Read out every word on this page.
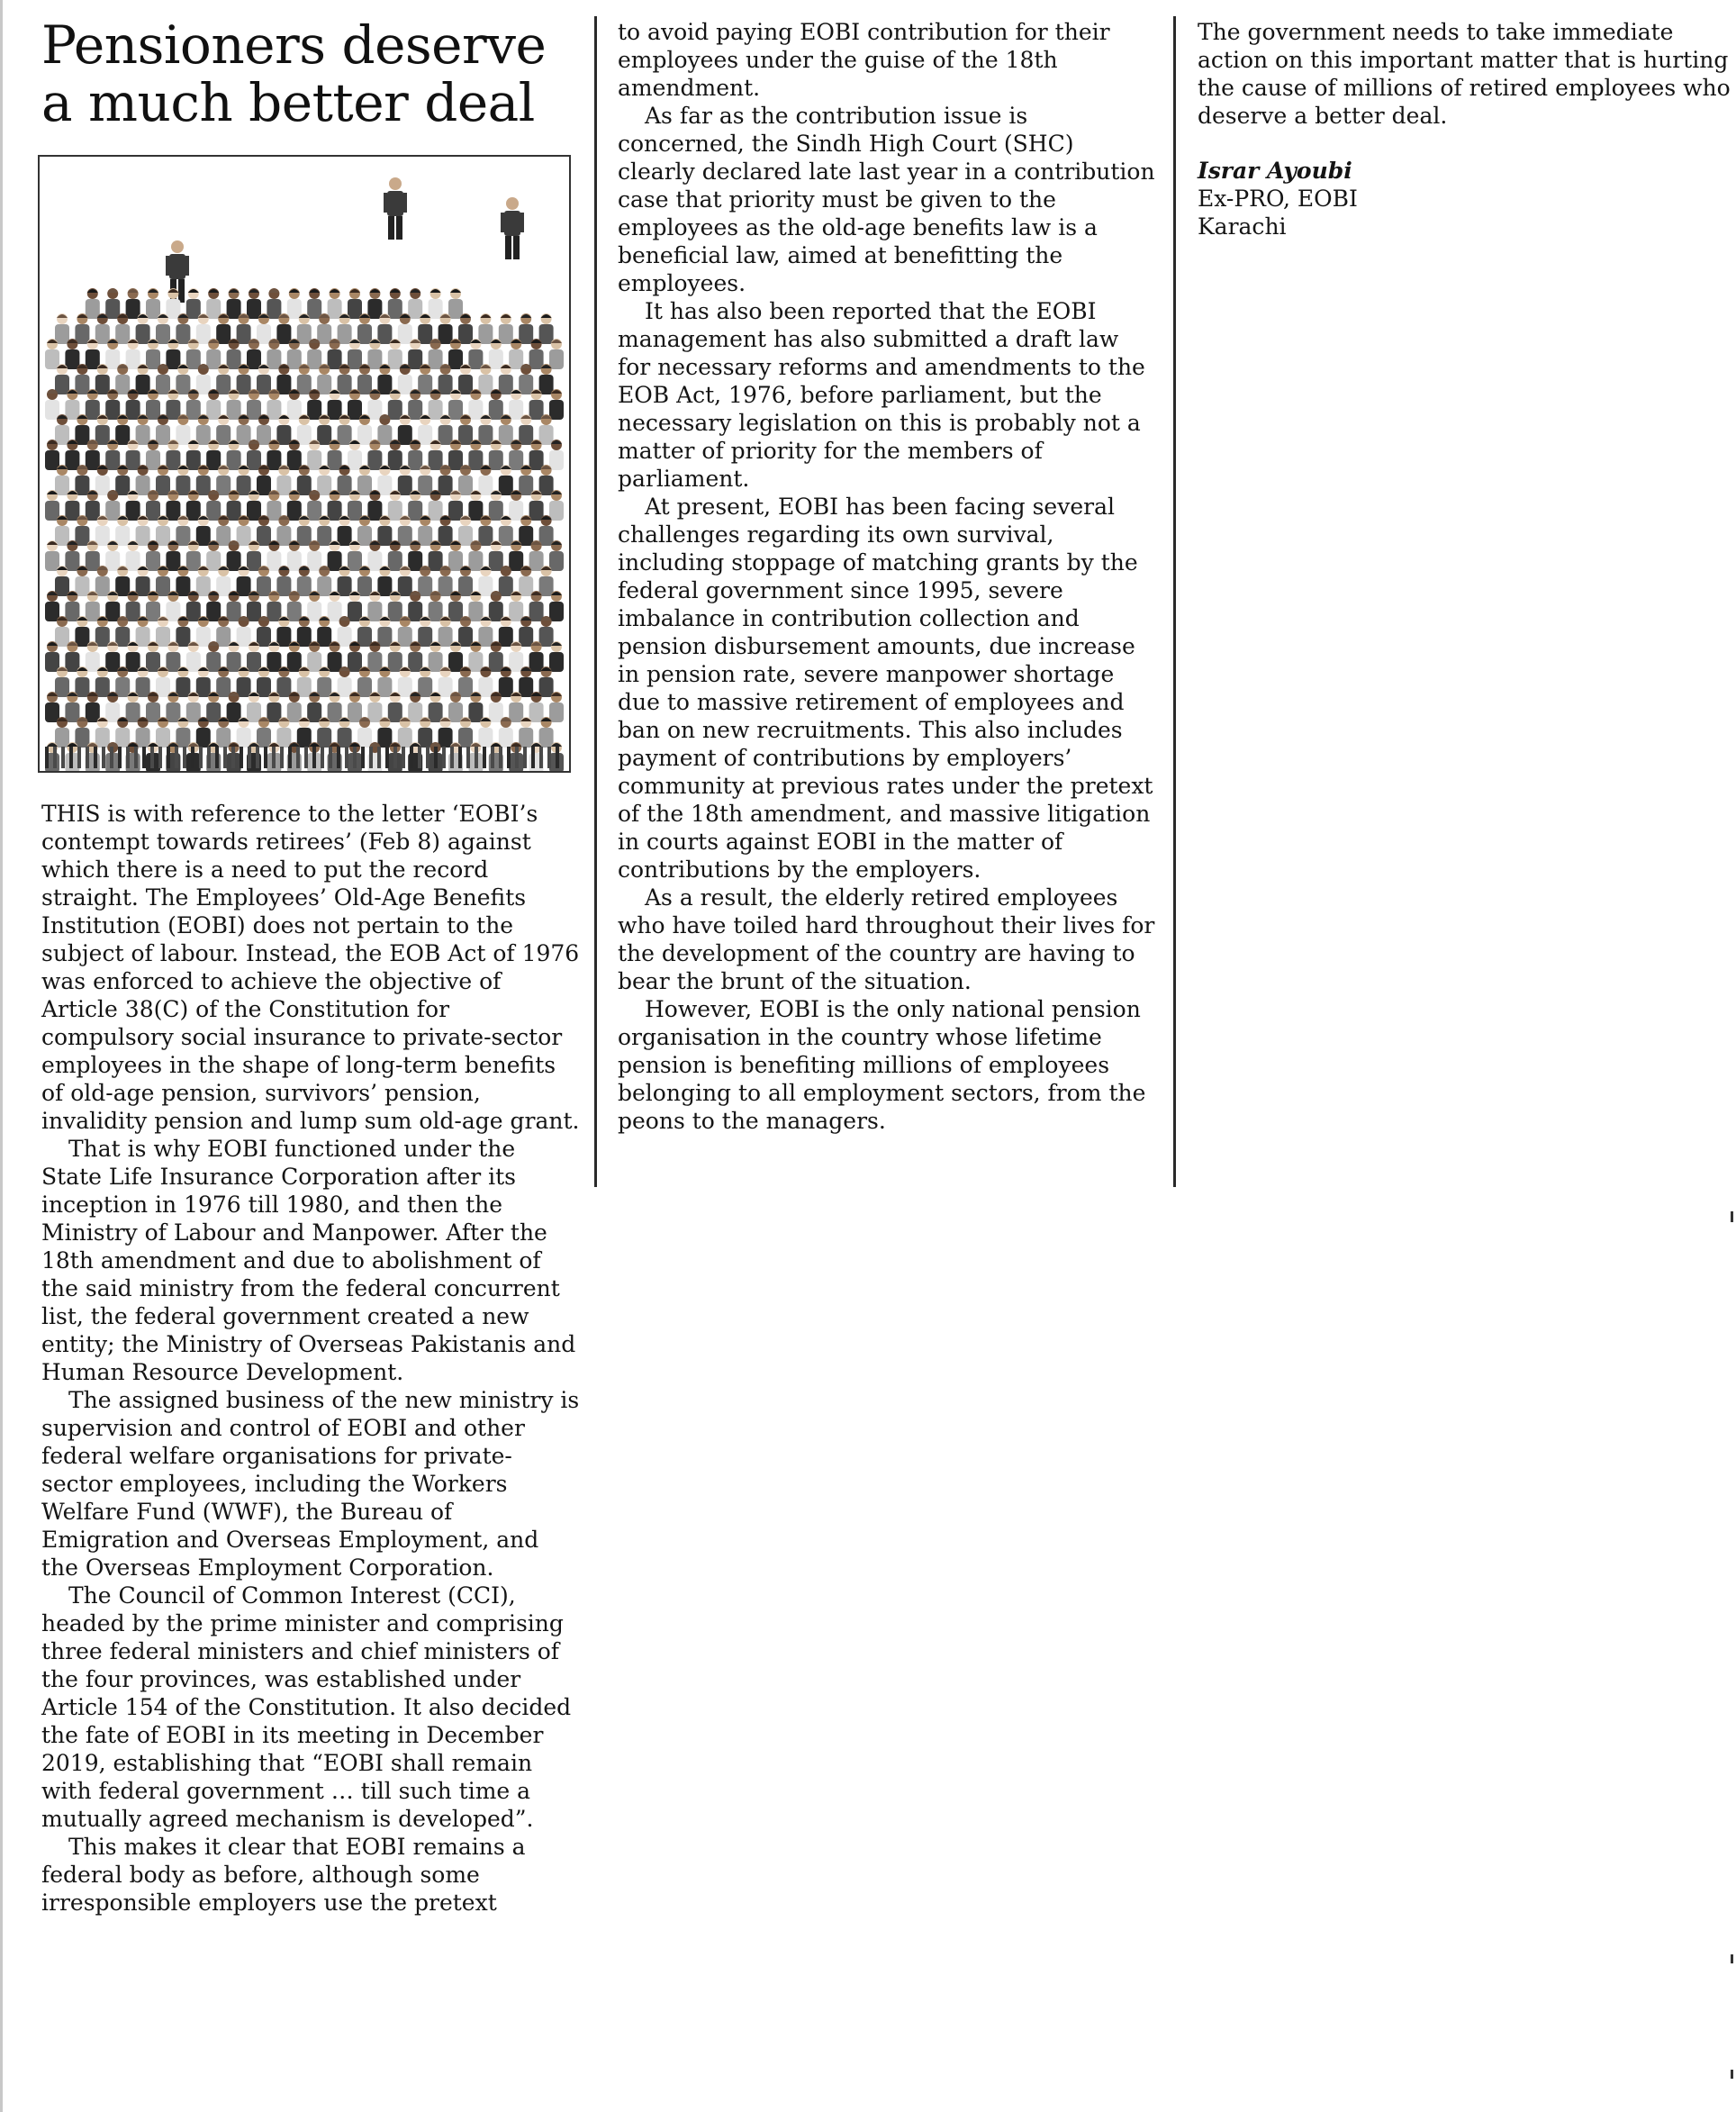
Pensioners deserve
a much better deal

THIS is with reference to the letter ‘EOBI’s contempt towards retirees’ (Feb 8) against which there is a need to put the record straight. The Employees’ Old-Age Benefits Institution (EOBI) does not pertain to the subject of labour. Instead, the EOB Act of 1976 was enforced to achieve the objective of Article 38(C) of the Constitution for compulsory social insurance to private-sector employees in the shape of long-term benefits of old-age pension, survivors’ pension, invalidity pension and lump sum old-age grant.

That is why EOBI functioned under the State Life Insurance Corporation after its inception in 1976 till 1980, and then the Ministry of Labour and Manpower. After the 18th amendment and due to abolishment of the said ministry from the federal concurrent list, the federal government created a new entity; the Ministry of Overseas Pakistanis and Human Resource Development.

The assigned business of the new ministry is supervision and control of EOBI and other federal welfare organisations for private-sector employees, including the Workers Welfare Fund (WWF), the Bureau of Emigration and Overseas Employment, and the Overseas Employment Corporation.

The Council of Common Interest (CCI), headed by the prime minister and comprising three federal ministers and chief ministers of the four provinces, was established under Article 154 of the Constitution. It also decided the fate of EOBI in its meeting in December 2019, establishing that “EOBI shall remain with federal government … till such time a mutually agreed mechanism is developed”.

This makes it clear that EOBI remains a federal body as before, although some irresponsible employers use the pretext

to avoid paying EOBI contribution for their employees under the guise of the 18th amendment.

As far as the contribution issue is concerned, the Sindh High Court (SHC) clearly declared late last year in a contribution case that priority must be given to the employees as the old-age benefits law is a beneficial law, aimed at benefitting the employees.

It has also been reported that the EOBI management has also submitted a draft law for necessary reforms and amendments to the EOB Act, 1976, before parliament, but the necessary legislation on this is probably not a matter of priority for the members of parliament.

At present, EOBI has been facing several challenges regarding its own survival, including stoppage of matching grants by the federal government since 1995, severe imbalance in contribution collection and pension disbursement amounts, due increase in pension rate, severe manpower shortage due to massive retirement of employees and ban on new recruitments. This also includes payment of contributions by employers’ community at previous rates under the pretext of the 18th amendment, and massive litigation in courts against EOBI in the matter of contributions by the employers.

As a result, the elderly retired employees who have toiled hard throughout their lives for the development of the country are having to bear the brunt of the situation.

However, EOBI is the only national pension organisation in the country whose lifetime pension is benefiting millions of employees belonging to all employment sectors, from the peons to the managers.

The government needs to take immediate action on this important matter that is hurting the cause of millions of retired employees who deserve a better deal.

Israr Ayoubi
Ex-PRO, EOBI
Karachi
